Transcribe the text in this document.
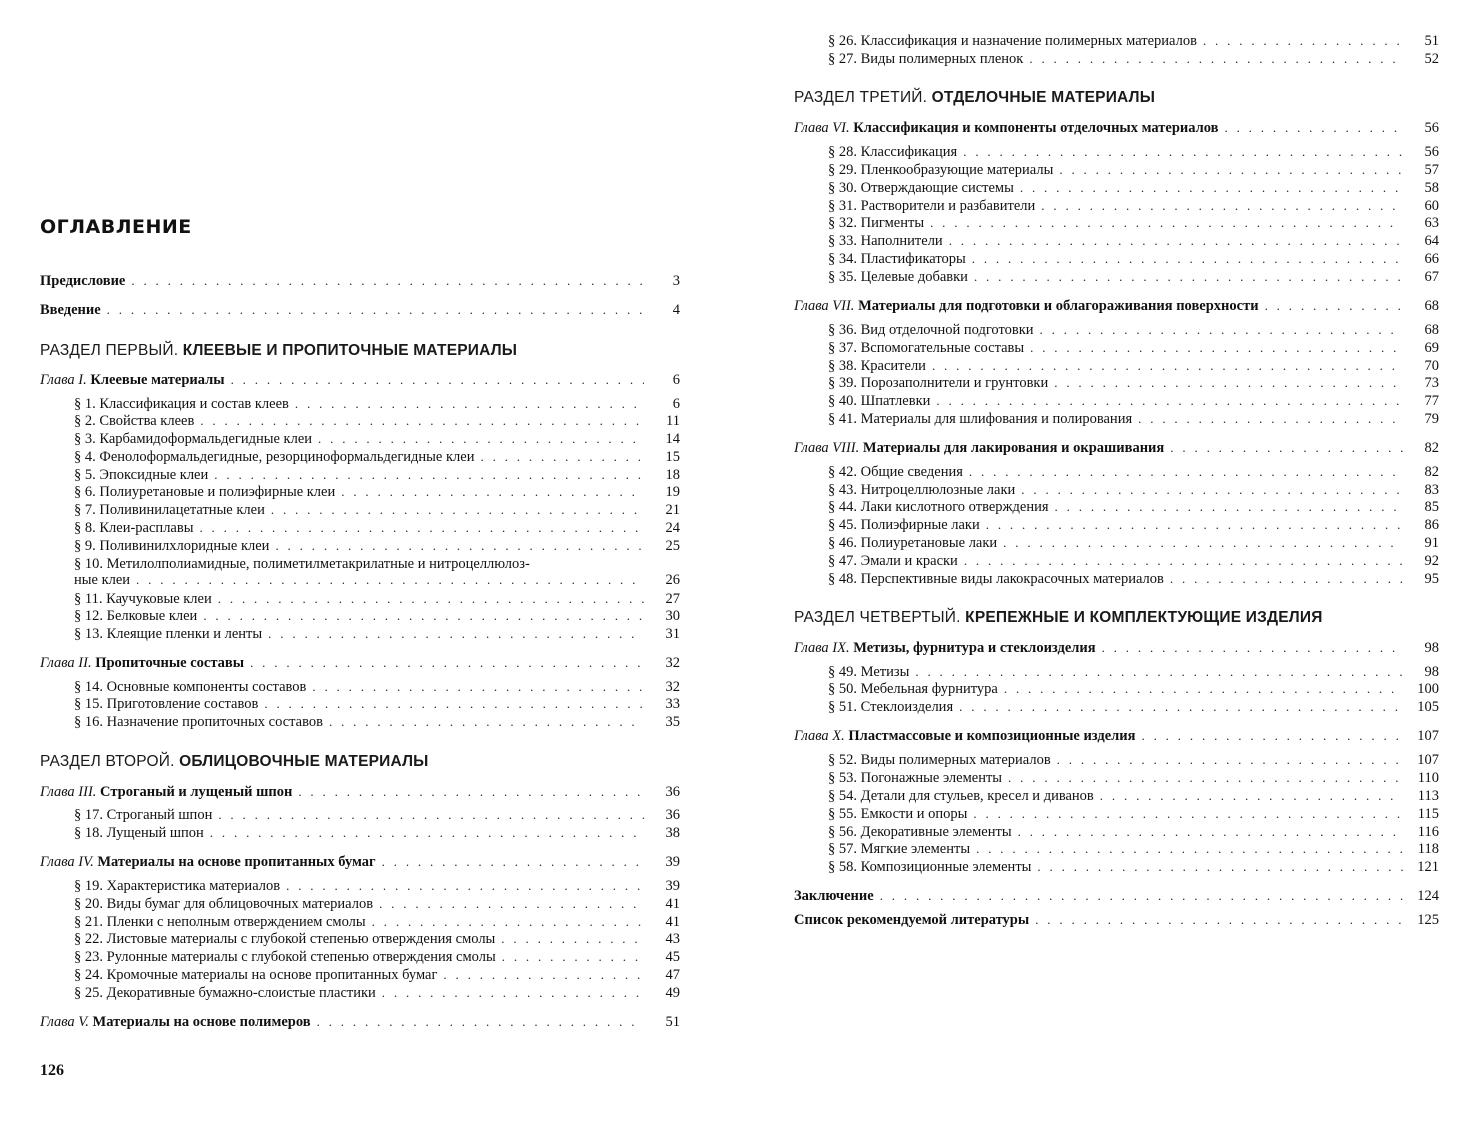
ОГЛАВЛЕНИЕ
Предисловие . . .	3
Введение . . .	4
РАЗДЕЛ ПЕРВЫЙ. КЛЕЕВЫЕ И ПРОПИТОЧНЫЕ МАТЕРИАЛЫ
Глава I. Клеевые материалы . . .	6
§ 1. Классификация и состав клеев . . .	6
§ 2. Свойства клеев . . .	11
§ 3. Карбамидоформальдегидные клеи . . .	14
§ 4. Фенолоформальдегидные, резорциноформальдегидные клеи . . .	15
§ 5. Эпоксидные клеи . . .	18
§ 6. Полиуретановые и полиэфирные клеи . . .	19
§ 7. Поливинилацетатные клеи . . .	21
§ 8. Клеи-расплавы . . .	24
§ 9. Поливинилхлоридные клеи . . .	25
§ 10. Метилолполиамидные, полиметилметакрилатные и нитроцеллюлоз-
ные клеи . . .	26
§ 11. Каучуковые клеи . . .	27
§ 12. Белковые клеи . . .	30
§ 13. Клеящие пленки и ленты . . .	31
Глава II. Пропиточные составы . . .	32
§ 14. Основные компоненты составов . . .	32
§ 15. Приготовление составов . . .	33
§ 16. Назначение пропиточных составов . . .	35
РАЗДЕЛ ВТОРОЙ. ОБЛИЦОВОЧНЫЕ МАТЕРИАЛЫ
Глава III. Строганый и лущеный шпон . . .	36
§ 17. Строганый шпон . . .	36
§ 18. Лущеный шпон . . .	38
Глава IV. Материалы на основе пропитанных бумаг . . .	39
§ 19. Характеристика материалов . . .	39
§ 20. Виды бумаг для облицовочных материалов . . .	41
§ 21. Пленки с неполным отверждением смолы . . .	41
§ 22. Листовые материалы с глубокой степенью отверждения смолы . . .	43
§ 23. Рулонные материалы с глубокой степенью отверждения смолы . . .	45
§ 24. Кромочные материалы на основе пропитанных бумаг . . .	47
§ 25. Декоративные бумажно-слоистые пластики . . .	49
Глава V. Материалы на основе полимеров . . .	51
§ 26. Классификация и назначение полимерных материалов . . .	51
§ 27. Виды полимерных пленок . . .	52
РАЗДЕЛ ТРЕТИЙ. ОТДЕЛОЧНЫЕ МАТЕРИАЛЫ
Глава VI. Классификация и компоненты отделочных материалов . . .	56
§ 28. Классификация . . .	56
§ 29. Пленкообразующие материалы . . .	57
§ 30. Отверждающие системы . . .	58
§ 31. Растворители и разбавители . . .	60
§ 32. Пигменты . . .	63
§ 33. Наполнители . . .	64
§ 34. Пластификаторы . . .	66
§ 35. Целевые добавки . . .	67
Глава VII. Материалы для подготовки и облагораживания поверхности . . .	68
§ 36. Вид отделочной подготовки . . .	68
§ 37. Вспомогательные составы . . .	69
§ 38. Красители . . .	70
§ 39. Порозаполнители и грунтовки . . .	73
§ 40. Шпатлевки . . .	77
§ 41. Материалы для шлифования и полирования . . .	79
Глава VIII. Материалы для лакирования и окрашивания . . .	82
§ 42. Общие сведения . . .	82
§ 43. Нитроцеллюлозные лаки . . .	83
§ 44. Лаки кислотного отверждения . . .	85
§ 45. Полиэфирные лаки . . .	86
§ 46. Полиуретановые лаки . . .	91
§ 47. Эмали и краски . . .	92
§ 48. Перспективные виды лакокрасочных материалов . . .	95
РАЗДЕЛ ЧЕТВЕРТЫЙ. КРЕПЕЖНЫЕ И КОМПЛЕКТУЮЩИЕ ИЗДЕЛИЯ
Глава IX. Метизы, фурнитура и стеклоизделия . . .	98
§ 49. Метизы . . .	98
§ 50. Мебельная фурнитура . . .	100
§ 51. Стеклоизделия . . .	105
Глава X. Пластмассовые и композиционные изделия . . .	107
§ 52. Виды полимерных материалов . . .	107
§ 53. Погонажные элементы . . .	110
§ 54. Детали для стульев, кресел и диванов . . .	113
§ 55. Емкости и опоры . . .	115
§ 56. Декоративные элементы . . .	116
§ 57. Мягкие элементы . . .	118
§ 58. Композиционные элементы . . .	121
Заключение . . .	124
Список рекомендуемой литературы . . .	125
126
